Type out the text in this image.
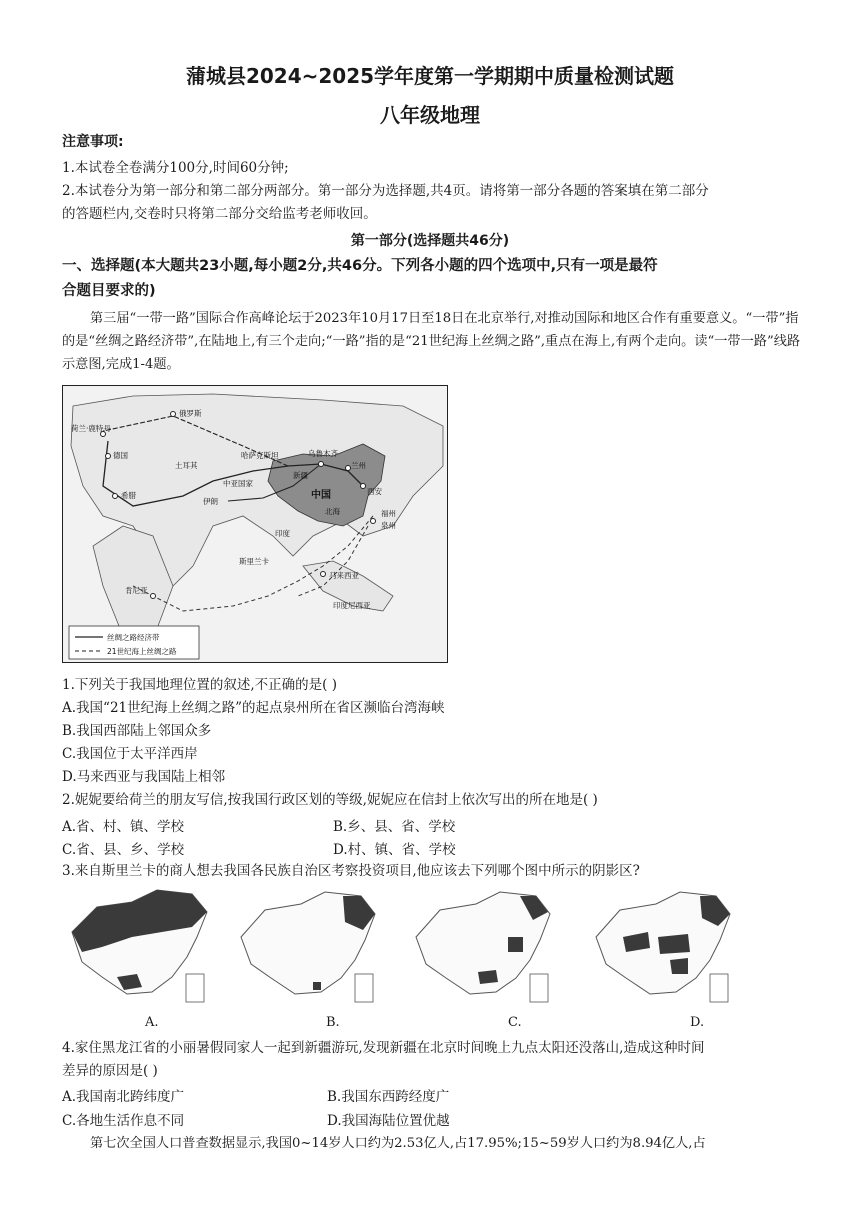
蒲城县2024~2025学年度第一学期期中质量检测试题
八年级地理
注意事项:
1.本试卷全卷满分100分,时间60分钟;
2.本试卷分为第一部分和第二部分两部分。第一部分为选择题,共4页。请将第一部分各题的答案填在第二部分
的答题栏内,交卷时只将第二部分交给监考老师收回。
第一部分(选择题共46分)
一、选择题(本大题共23小题,每小题2分,共46分。下列各小题的四个选项中,只有一项是最符
合题目要求的)
第三届“一带一路”国际合作高峰论坛于2023年10月17日至18日在北京举行,对推动国际和地区合作有重要意义。“一带”指的是“丝绸之路经济带”,在陆地上,有三个走向;“一路”指的是“21世纪海上丝绸之路”,重点在海上,有两个走向。读“一带一路”线路示意图,完成1-4题。
俄罗斯
荷兰·鹿特丹
德国
希腊
土耳其
伊朗
哈萨克斯坦	乌鲁木齐
兰州
中亚国家
新疆
中国	西安
印度
北海	福州
泉州
斯里兰卡
肯尼亚
马来西亚
印度尼西亚
丝绸之路经济带
21世纪海上丝绸之路
1.下列关于我国地理位置的叙述,不正确的是( )
A.我国“21世纪海上丝绸之路”的起点泉州所在省区濒临台湾海峡
B.我国西部陆上邻国众多
C.我国位于太平洋西岸
D.马来西亚与我国陆上相邻
2.妮妮要给荷兰的朋友写信,按我国行政区划的等级,妮妮应在信封上依次写出的所在地是( )
A.省、村、镇、学校	B.乡、县、省、学校
C.省、县、乡、学校	D.村、镇、省、学校
3.来自斯里兰卡的商人想去我国各民族自治区考察投资项目,他应该去下列哪个图中所示的阴影区?
A.	B.	C.	D.
4.家住黑龙江省的小丽暑假同家人一起到新疆游玩,发现新疆在北京时间晚上九点太阳还没落山,造成这种时间
差异的原因是( )
A.我国南北跨纬度广	B.我国东西跨经度广
C.各地生活作息不同	D.我国海陆位置优越
第七次全国人口普查数据显示,我国0~14岁人口约为2.53亿人,占17.95%;15~59岁人口约为8.94亿人,占
